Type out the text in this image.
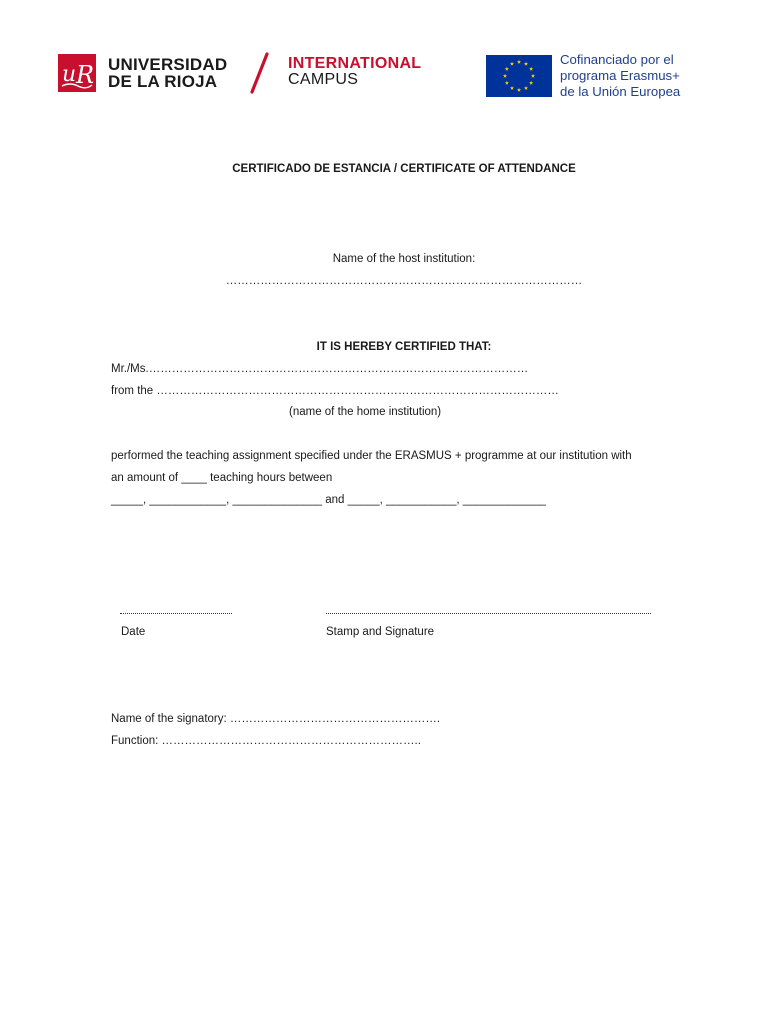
u R UNIVERSIDAD
DE LA RIOJA
INTERNATIONAL
CAMPUS
Cofinanciado por el
programa Erasmus+
de la Unión Europea
CERTIFICADO DE ESTANCIA / CERTIFICATE OF ATTENDANCE
Name of the host institution:
…………………………………………………………………………………
IT IS HEREBY CERTIFIED THAT:
Mr./Ms.………………………………………………………………………………………
from the ……………………………………………………………………………………………
(name of the home institution)
performed the teaching assignment specified under the ERASMUS + programme at our institution with
an amount of ____ teaching hours between
_____, ____________, ______________ and _____, ___________, _____________
Date	Stamp and Signature
Name of the signatory: ……………………………………………….
Function: …………………………………………………………..
